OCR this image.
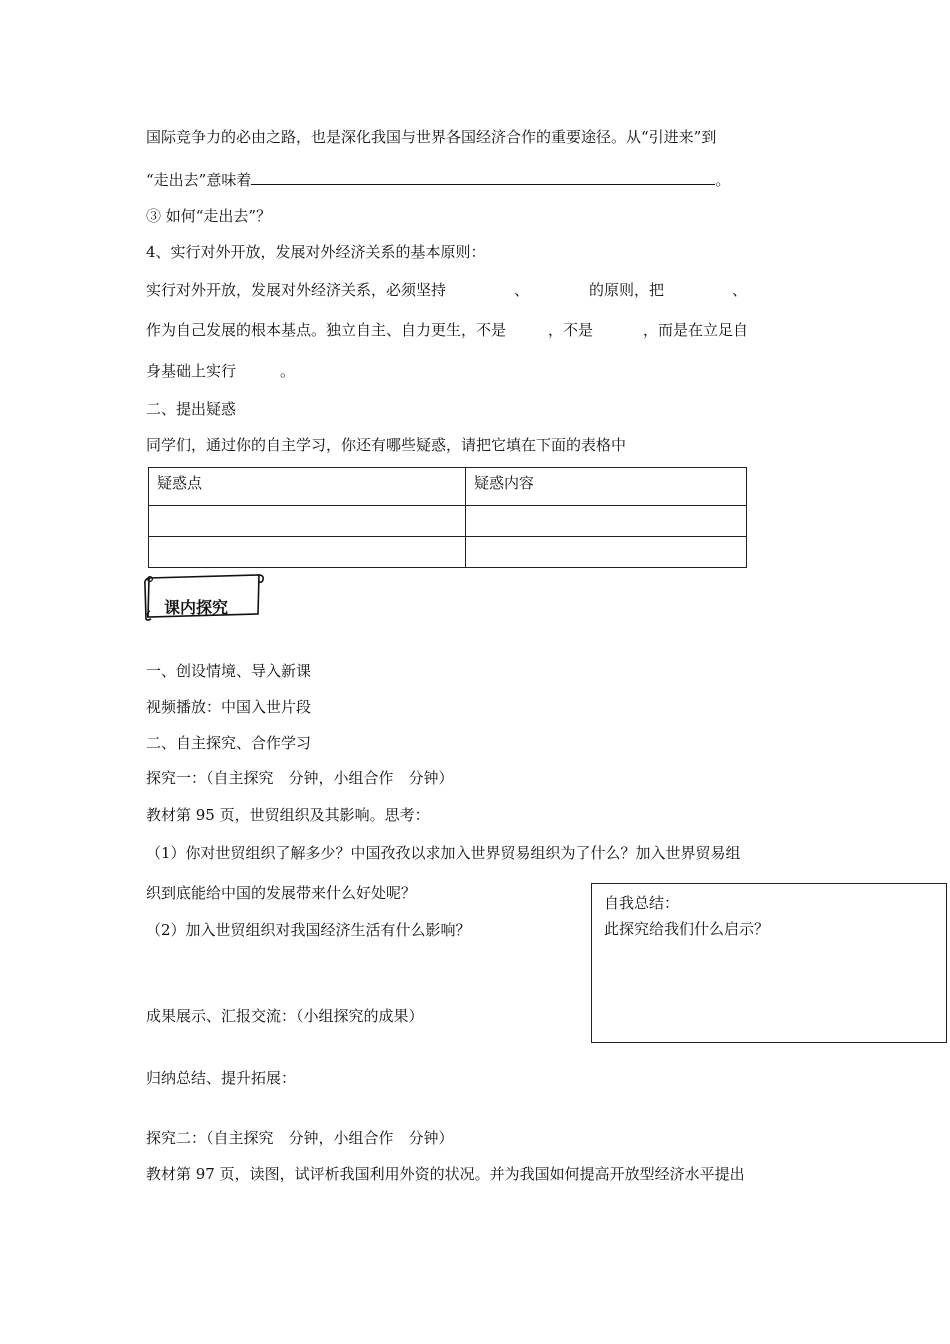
国际竞争力的必由之路，也是深化我国与世界各国经济合作的重要途径。从“引进来”到
“走出去”意味着	。
③ 如何“走出去”？
4、实行对外开放，发展对外经济关系的基本原则：
实行对外开放，发展对外经济关系，必须坚持	、	的原则，把	、
作为自己发展的根本基点。独立自主、自力更生，不是	，不是	，而是在立足自
身基础上实行	。
二、提出疑惑
同学们，通过你的自主学习，你还有哪些疑惑，请把它填在下面的表格中
疑惑点	疑惑内容

课内探究
一、创设情境、导入新课
视频播放：中国入世片段
二、自主探究、合作学习
探究一：（自主探究　分钟，小组合作　分钟）
教材第 95 页，世贸组织及其影响。思考：
（1）你对世贸组织了解多少？中国孜孜以求加入世界贸易组织为了什么？加入世界贸易组
织到底能给中国的发展带来什么好处呢？
（2）加入世贸组织对我国经济生活有什么影响？
成果展示、汇报交流：（小组探究的成果）
归纳总结、提升拓展：
探究二：（自主探究　分钟，小组合作　分钟）
教材第 97 页，读图，试评析我国利用外资的状况。并为我国如何提高开放型经济水平提出
自我总结：
此探究给我们什么启示？
